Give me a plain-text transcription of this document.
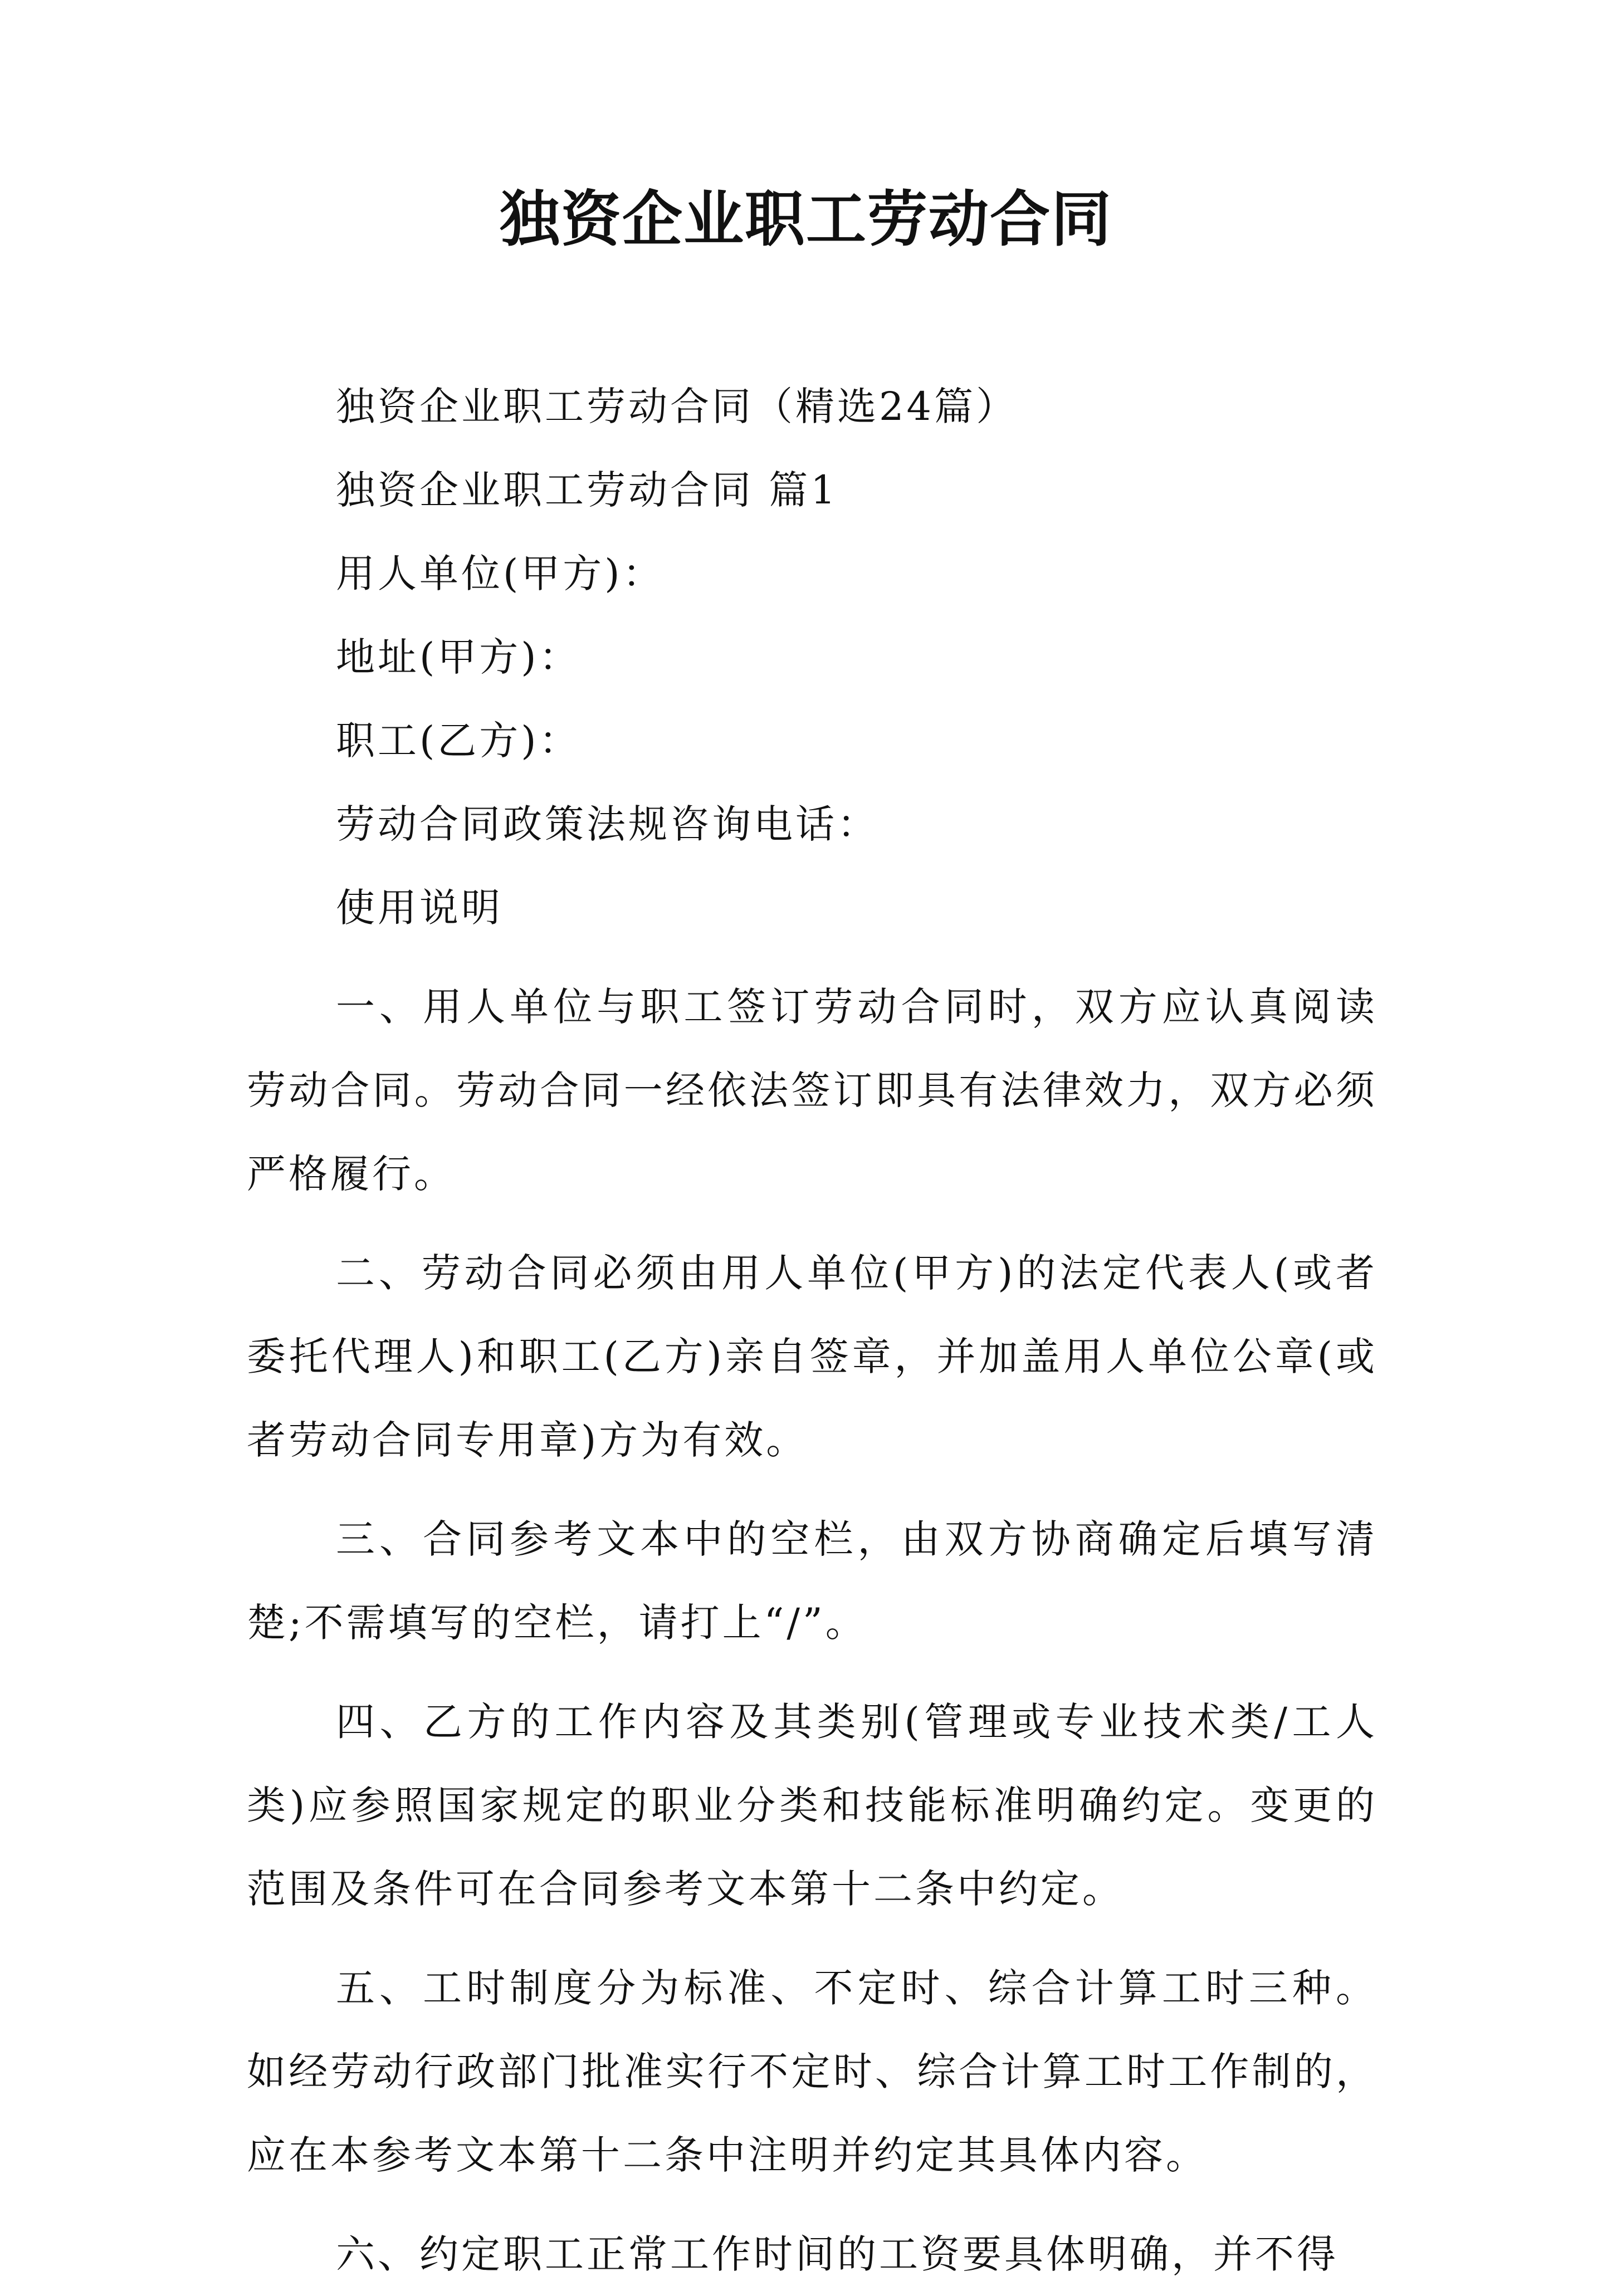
独资企业职工劳动合同

独资企业职工劳动合同（精选24篇）

独资企业职工劳动合同 篇1

用人单位(甲方)：

地址(甲方)：

职工(乙方)：

劳动合同政策法规咨询电话：

使用说明

一、用人单位与职工签订劳动合同时，双方应认真阅读劳动合同。劳动合同一经依法签订即具有法律效力，双方必须严格履行。

二、劳动合同必须由用人单位(甲方)的法定代表人(或者委托代理人)和职工(乙方)亲自签章，并加盖用人单位公章(或者劳动合同专用章)方为有效。

三、合同参考文本中的空栏，由双方协商确定后填写清楚;不需填写的空栏，请打上“/”。

四、乙方的工作内容及其类别(管理或专业技术类/工人类)应参照国家规定的职业分类和技能标准明确约定。变更的范围及条件可在合同参考文本第十二条中约定。

五、工时制度分为标准、不定时、综合计算工时三种。如经劳动行政部门批准实行不定时、综合计算工时工作制的，应在本参考文本第十二条中注明并约定其具体内容。

六、约定职工正常工作时间的工资要具体明确，并不得
